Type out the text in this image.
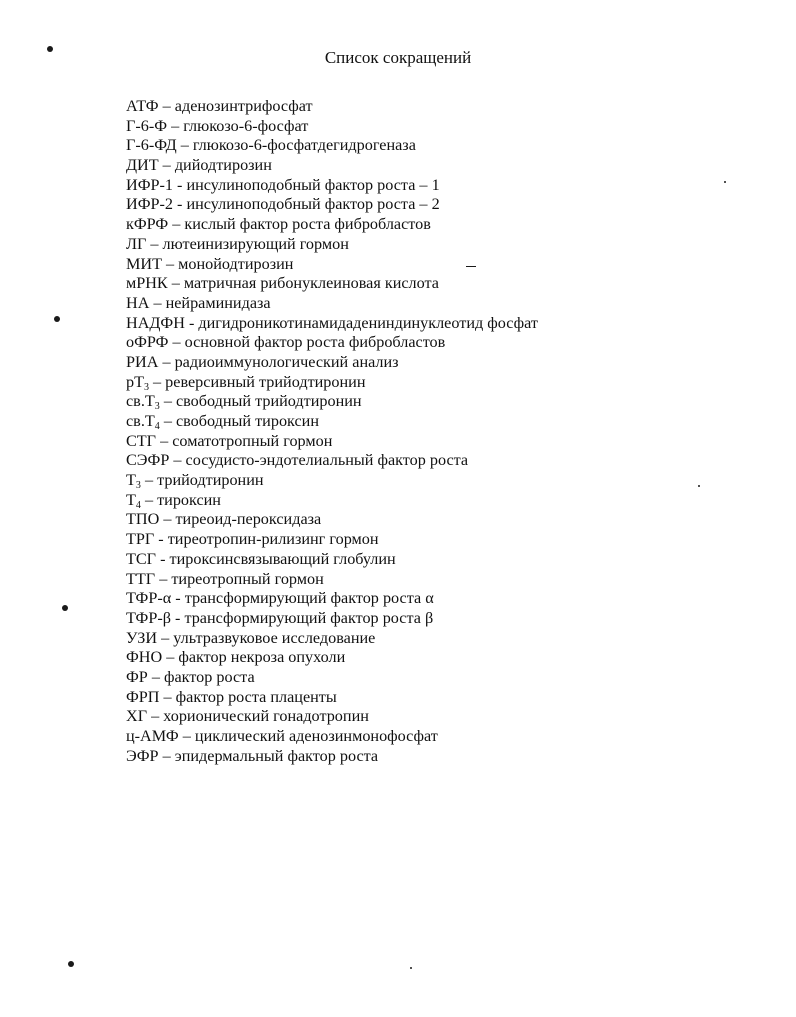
Список сокращений
АТФ – аденозинтрифосфат
Г-6-Ф – глюкозо-6-фосфат
Г-6-ФД – глюкозо-6-фосфатдегидрогеназа
ДИТ – дийодтирозин
ИФР-1 - инсулиноподобный фактор роста – 1
ИФР-2 - инсулиноподобный фактор роста – 2
кФРФ – кислый фактор роста фибробластов
ЛГ – лютеинизирующий гормон
МИТ – монойодтирозин
мРНК – матричная рибонуклеиновая кислота
НА – нейраминидаза
НАДФН - дигидроникотинамидадениндинуклеотид фосфат
оФРФ – основной фактор роста фибробластов
РИА – радиоиммунологический анализ
$рТ_3$ – реверсивный трийодтиронин
$св.Т_3$ – свободный трийодтиронин
$св.Т_4$ – свободный тироксин
СТГ – соматотропный гормон
СЭФР – сосудисто-эндотелиальный фактор роста
$Т_3$ – трийодтиронин
$Т_4$ – тироксин
ТПО – тиреоид-пероксидаза
ТРГ - тиреотропин-рилизинг гормон
ТСГ - тироксинсвязывающий глобулин
ТТГ – тиреотропный гормон
ТФР-α - трансформирующий фактор роста α
ТФР-β - трансформирующий фактор роста β
УЗИ – ультразвуковое исследование
ФНО – фактор некроза опухоли
ФР – фактор роста
ФРП – фактор роста плаценты
ХГ – хорионический гонадотропин
ц-АМФ – циклический аденозинмонофосфат
ЭФР – эпидермальный фактор роста
